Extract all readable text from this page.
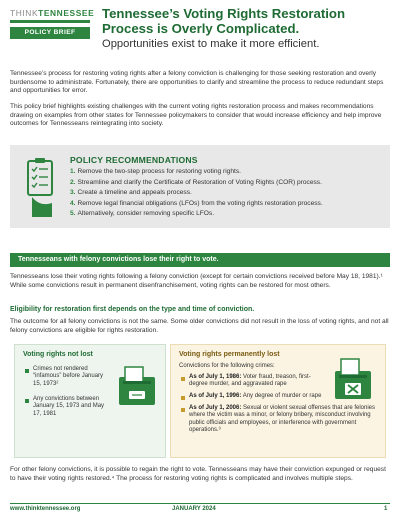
THINKTENNESSEE
POLICY BRIEF
Tennessee’s Voting Rights Restoration Process is Overly Complicated.
Opportunities exist to make it more efficient.

Tennessee’s process for restoring voting rights after a felony conviction is challenging for those seeking restoration and overly burdensome to administrate. Fortunately, there are opportunities to clarify and streamline the process to reduce redundant steps and opportunities for error.

This policy brief highlights existing challenges with the current voting rights restoration process and makes recommendations drawing on examples from other states for Tennessee policymakers to consider that would increase efficiency and help improve outcomes for Tennesseans reintegrating into society.

POLICY RECOMMENDATIONS
1. Remove the two-step process for restoring voting rights.
2. Streamline and clarify the Certificate of Restoration of Voting Rights (COR) process.
3. Create a timeline and appeals process.
4. Remove legal financial obligations (LFOs) from the voting rights restoration process.
5. Alternatively, consider removing specific LFOs.
Tennesseans with felony convictions lose their right to vote.

Tennesseans lose their voting rights following a felony conviction (except for certain convictions received before May 18, 1981).¹ While some convictions result in permanent disenfranchisement, voting rights can be restored for most others.

Eligibility for restoration first depends on the type and time of conviction.

The outcome for all felony convictions is not the same. Some older convictions did not result in the loss of voting rights, and not all felony convictions are eligible for rights restoration.

Voting rights not lost
Crimes not rendered “infamous” before January 15, 1973²
Any convictions between January 15, 1973 and May 17, 1981
Voting rights permanently lost
Convictions for the following crimes:
As of July 1, 1986: Voter fraud, treason, first-degree murder, and aggravated rape
As of July 1, 1996: Any degree of murder or rape
As of July 1, 2006: Sexual or violent sexual offenses that are felonies where the victim was a minor, or felony bribery, misconduct involving public officials and employees, or interference with government operations.³

For other felony convictions, it is possible to regain the right to vote. Tennesseans may have their conviction expunged or request to have their voting rights restored.⁴ The process for restoring voting rights is complicated and involves multiple steps.

www.thinktennessee.org	JANUARY 2024	1
